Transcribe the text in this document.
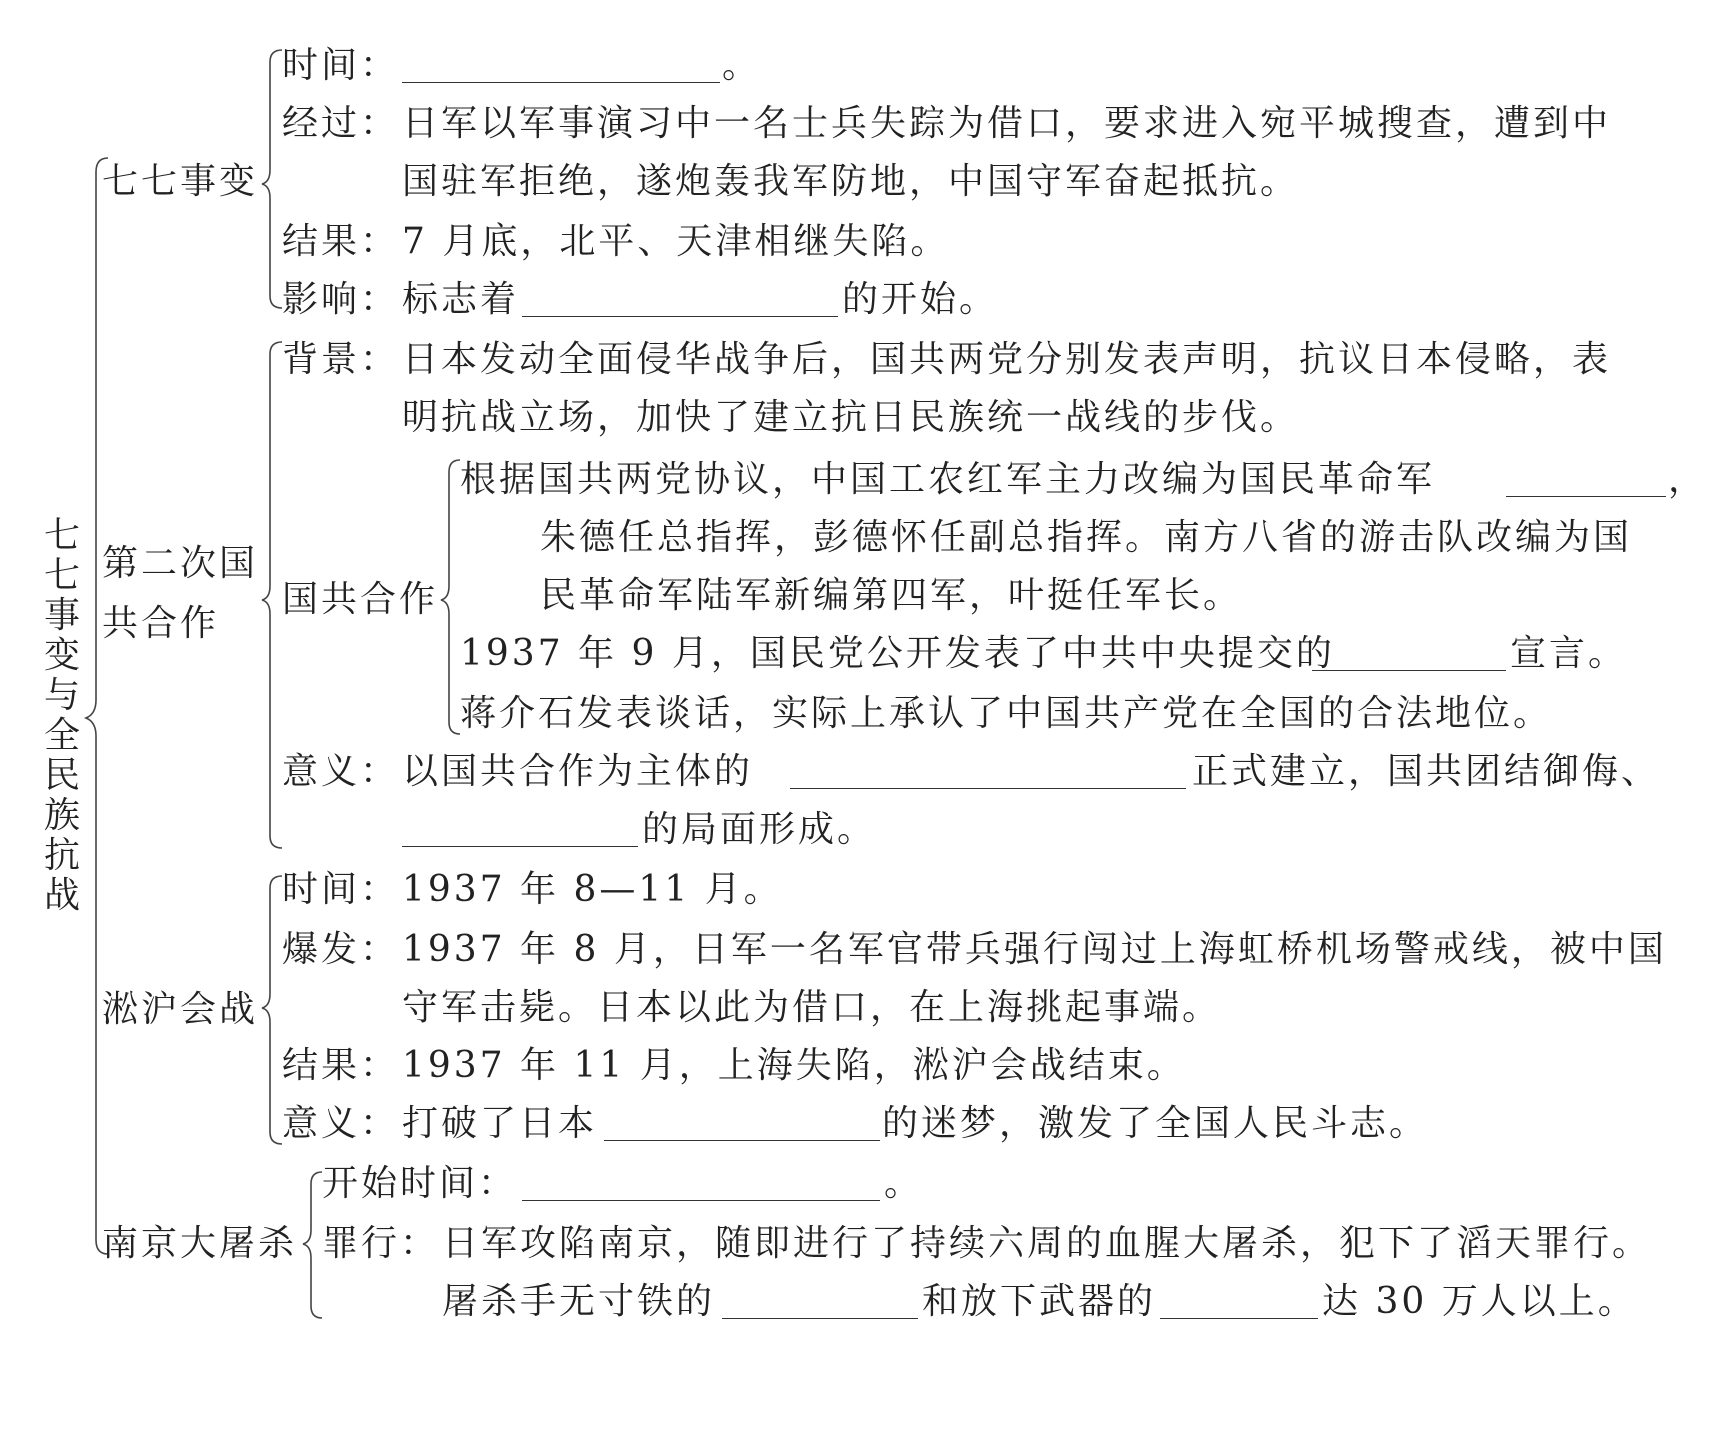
七七事变与全民族抗战
七七事变
时间：	。
经过： 日军以军事演习中一名士兵失踪为借口，要求进入宛平城搜查，遭到中
国驻军拒绝，遂炮轰我军防地，中国守军奋起抵抗。
结果： 7 月底，北平、天津相继失陷。
影响： 标志着	的开始。
第二次国
共合作
背景： 日本发动全面侵华战争后，国共两党分别发表声明，抗议日本侵略，表
明抗战立场，加快了建立抗日民族统一战线的步伐。
国共合作
根据国共两党协议，中国工农红军主力改编为国民革命军	，
朱德任总指挥，彭德怀任副总指挥。南方八省的游击队改编为国
民革命军陆军新编第四军，叶挺任军长。
1937 年 9 月，国民党公开发表了中共中央提交的	宣言。
蒋介石发表谈话，实际上承认了中国共产党在全国的合法地位。
意义： 以国共合作为主体的	正式建立，国共团结御侮、
的局面形成。
淞沪会战
时间： 1937 年 8—11 月。
爆发： 1937 年 8 月，日军一名军官带兵强行闯过上海虹桥机场警戒线，被中国
守军击毙。日本以此为借口，在上海挑起事端。
结果： 1937 年 11 月，上海失陷，淞沪会战结束。
意义： 打破了日本	的迷梦，激发了全国人民斗志。
南京大屠杀
开始时间：	。
罪行： 日军攻陷南京，随即进行了持续六周的血腥大屠杀，犯下了滔天罪行。
屠杀手无寸铁的	和放下武器的	达 30 万人以上。
